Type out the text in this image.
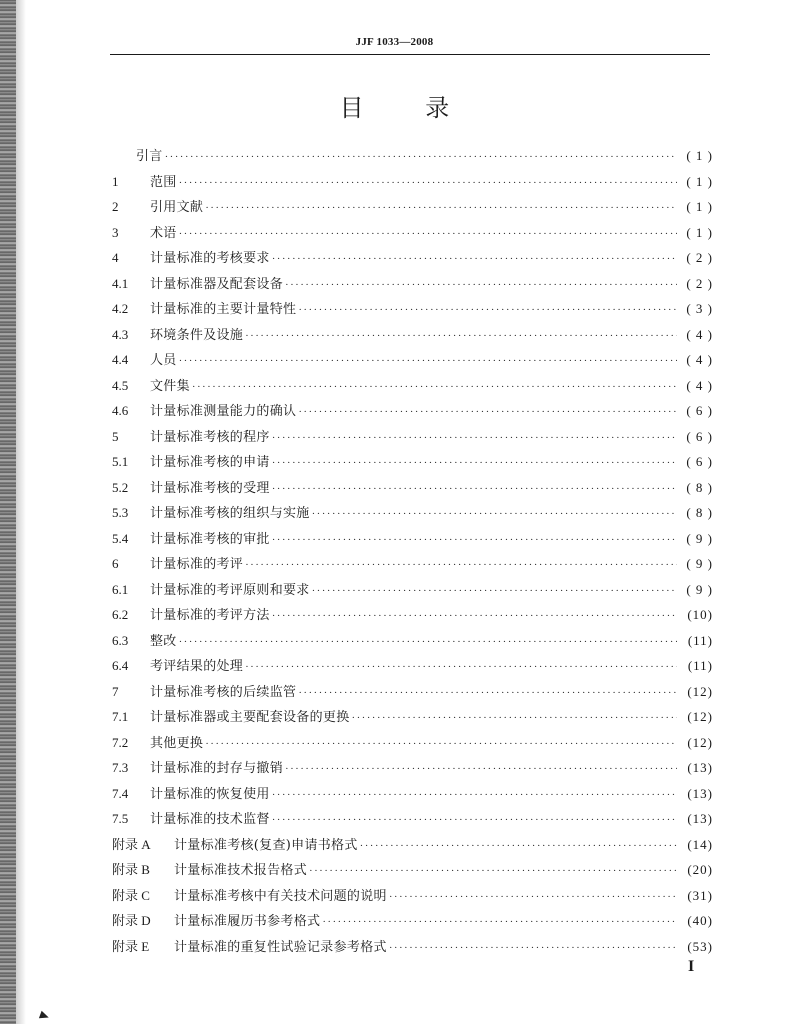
JJF 1033—2008
目 录
引言 ·····	( 1 )
1	范围 ·····	( 1 )
2	引用文献 ·····	( 1 )
3	术语 ·····	( 1 )
4	计量标准的考核要求 ·····	( 2 )
4.1	计量标准器及配套设备 ·····	( 2 )
4.2	计量标准的主要计量特性 ·····	( 3 )
4.3	环境条件及设施 ·····	( 4 )
4.4	人员 ·····	( 4 )
4.5	文件集 ·····	( 4 )
4.6	计量标准测量能力的确认 ·····	( 6 )
5	计量标准考核的程序 ·····	( 6 )
5.1	计量标准考核的申请 ·····	( 6 )
5.2	计量标准考核的受理 ·····	( 8 )
5.3	计量标准考核的组织与实施 ·····	( 8 )
5.4	计量标准考核的审批 ·····	( 9 )
6	计量标准的考评 ·····	( 9 )
6.1	计量标准的考评原则和要求 ·····	( 9 )
6.2	计量标准的考评方法 ·····	(10)
6.3	整改 ·····	(11)
6.4	考评结果的处理 ·····	(11)
7	计量标准考核的后续监管 ·····	(12)
7.1	计量标准器或主要配套设备的更换 ·····	(12)
7.2	其他更换 ·····	(12)
7.3	计量标准的封存与撤销 ·····	(13)
7.4	计量标准的恢复使用 ·····	(13)
7.5	计量标准的技术监督 ·····	(13)
附录 A	计量标准考核(复查)申请书格式 ·····	(14)
附录 B	计量标准技术报告格式 ·····	(20)
附录 C	计量标准考核中有关技术问题的说明 ·····	(31)
附录 D	计量标准履历书参考格式 ·····	(40)
附录 E	计量标准的重复性试验记录参考格式 ·····	(53)
I
